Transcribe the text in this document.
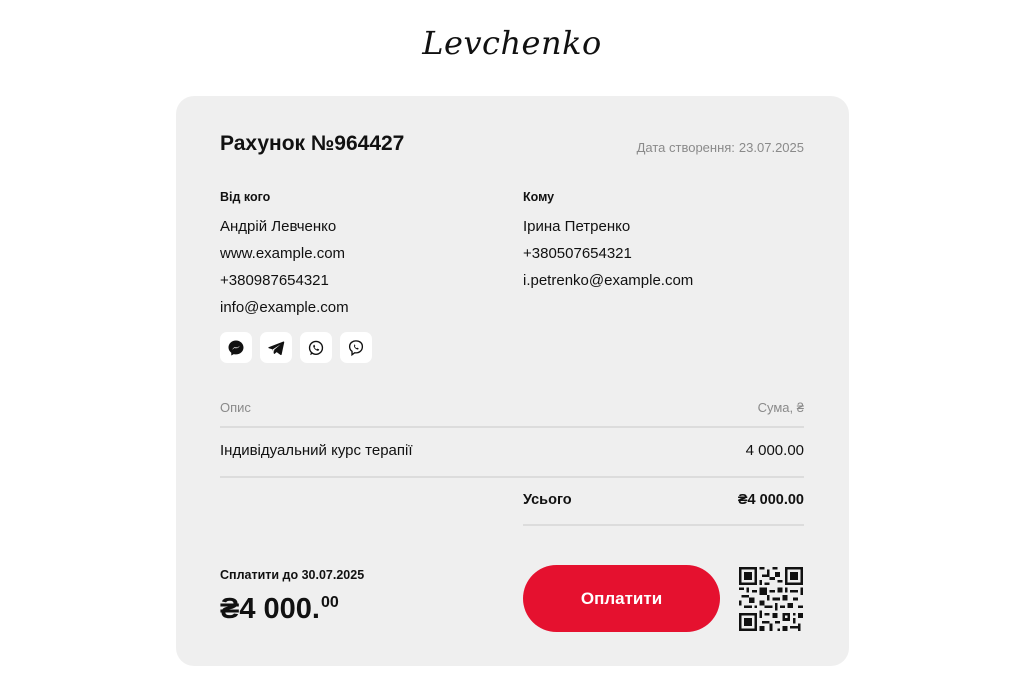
Levchenko
Рахунок №964427	Дата створення: 23.07.2025
Від кого
Андрій Левченко
www.example.com
+380987654321
info@example.com
Кому
Ірина Петренко
+380507654321
i.petrenko@example.com
Опис	Сума, ₴
Індивідуальний курс терапії	4 000.00
Усього	₴4 000.00
Сплатити до 30.07.2025
₴4 000.00	Оплатити
